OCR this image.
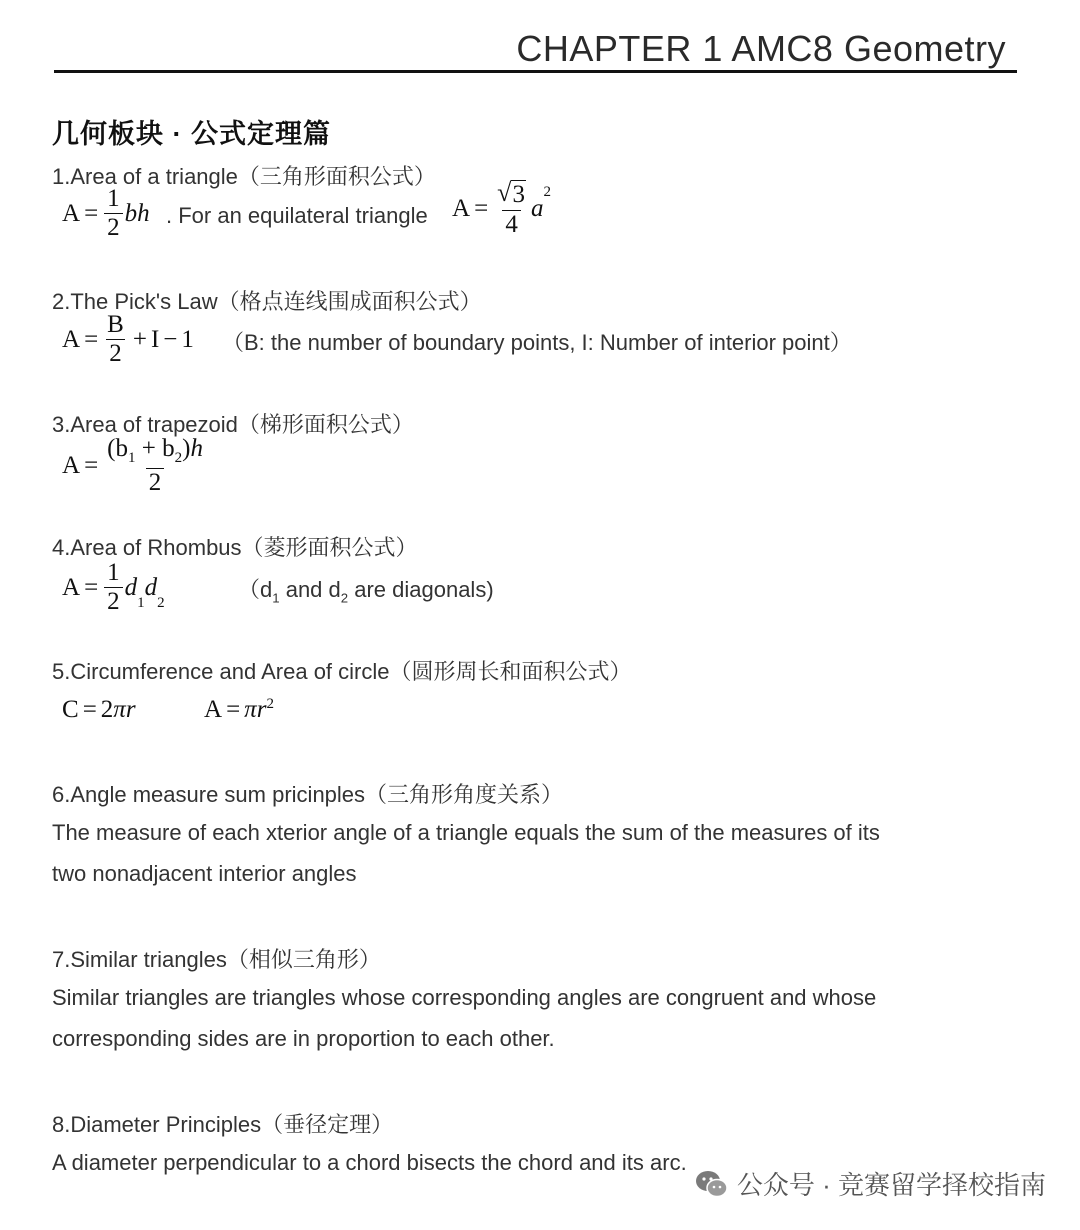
CHAPTER 1 AMC8 Geometry
几何板块 · 公式定理篇
1.Area of a triangle（三角形面积公式）
$A = \frac{1}{2}$ bh . For an equilateral triangle $A = \frac{√ 3}{4}$ a
$^2$
2.The Pick's Law（格点连线围成面积公式）
$A = \frac{B}{2} + I - 1$ （B: the number of boundary points, I: Number of interior point）
3.Area of trapezoid（梯形面积公式）
$A = \frac{(b_1 + b_2)h}{2}$
4.Area of Rhombus（菱形面积公式）
$A = \frac{1}{2}$ d
$_1$
d
$_2$
（$d_1$ and $d_2$ are diagonals)
5.Circumference and Area of circle（圆形周长和面积公式）
C = 2 πr	$A = \pi r^2$
6.Angle measure sum pricinples（三角形角度关系）
The measure of each xterior angle of a triangle equals the sum of the measures of its
two nonadjacent interior angles
7.Similar triangles（相似三角形）
Similar triangles are triangles whose corresponding angles are congruent and whose
corresponding sides are in proportion to each other.
8.Diameter Principles（垂径定理）
A diameter perpendicular to a chord bisects the chord and its arc.
公众号 · 竞赛留学择校指南
